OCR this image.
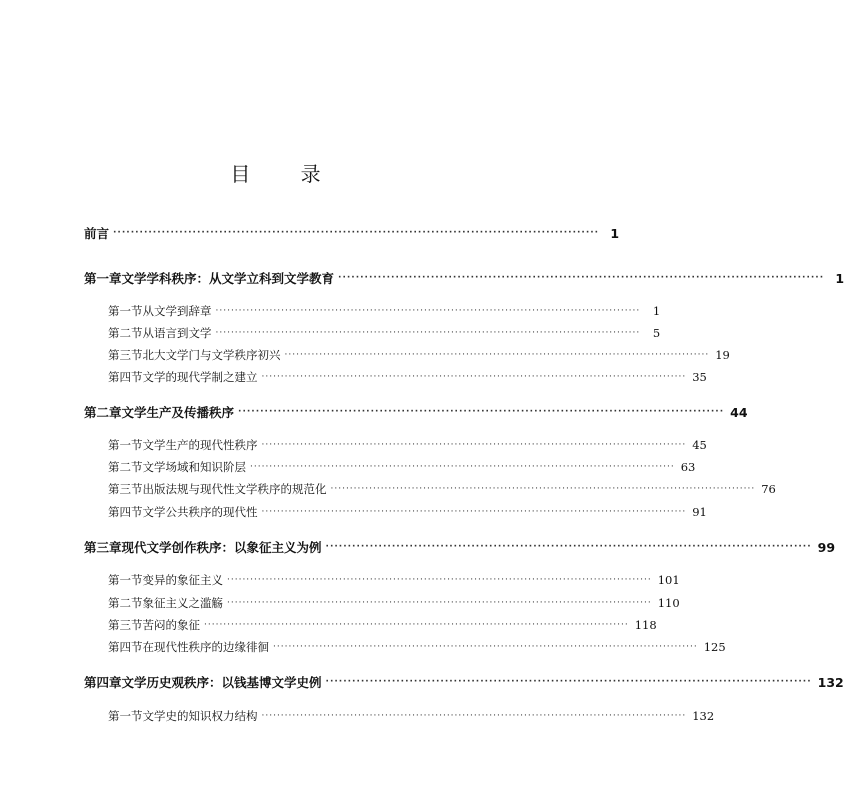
目 录
前言 ·············································································································· 1
第一章 文学学科秩序：从文学立科到文学教育 ·············································································································· 1
第一节 从文学到辞章 ··············································································································	1
第二节 从语言到文学 ··············································································································	5
第三节 北大文学门与文学秩序初兴 ·············································································································· 19
第四节 文学的现代学制之建立 ·············································································································· 35
第二章 文学生产及传播秩序 ·············································································································· 44
第一节 文学生产的现代性秩序 ·············································································································· 45
第二节 文学场域和知识阶层 ·············································································································· 63
第三节 出版法规与现代性文学秩序的规范化 ·············································································································· 76
第四节 文学公共秩序的现代性 ·············································································································· 91
第三章 现代文学创作秩序：以象征主义为例 ·············································································································· 99
第一节 变异的象征主义 ·············································································································· 101
第二节 象征主义之滥觞 ·············································································································· 110
第三节 苦闷的象征 ·············································································································· 118
第四节 在现代性秩序的边缘徘徊 ·············································································································· 125
第四章 文学历史观秩序：以钱基博文学史例 ·············································································································· 132
第一节 文学史的知识权力结构 ·············································································································· 132
